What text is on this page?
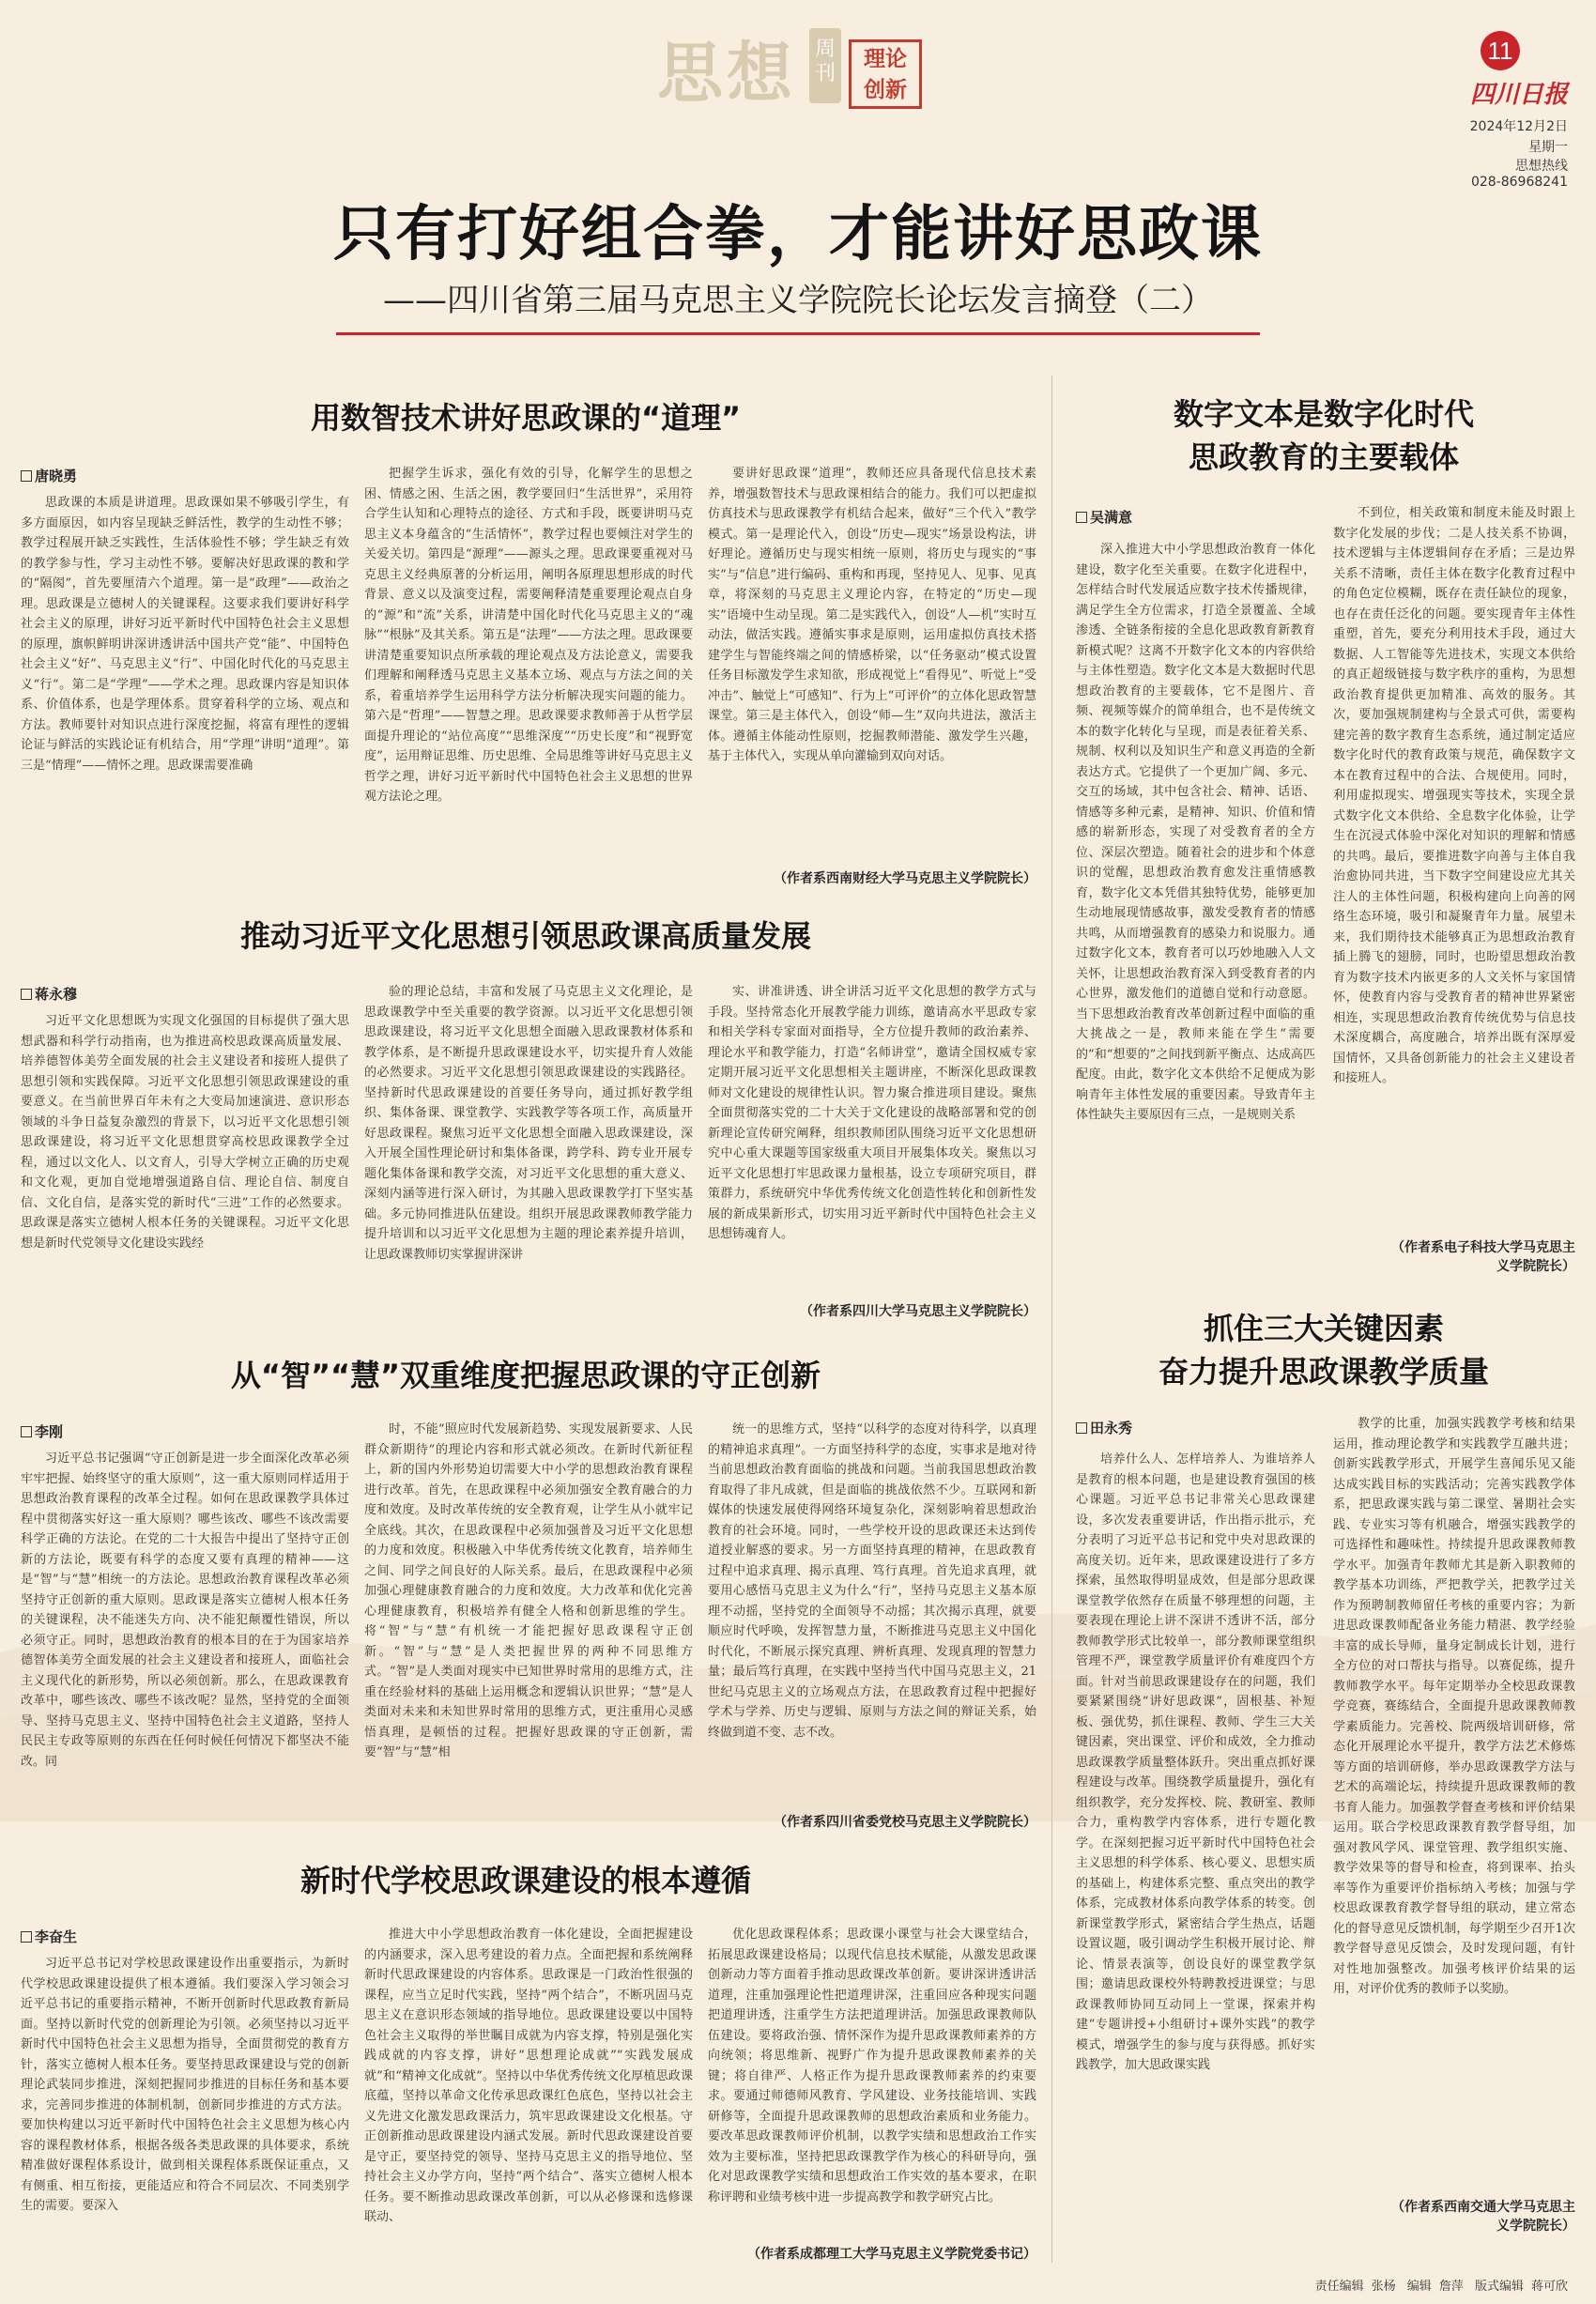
思想 周刊
理论
创新
11
四川日报
2024年12月2日
星期一
思想热线
028-86968241
只有打好组合拳，才能讲好思政课
——四川省第三届马克思主义学院院长论坛发言摘登（二）
用数智技术讲好思政课的“道理”
唐晓勇

思政课的本质是讲道理。思政课如果不够吸引学生，有多方面原因，如内容呈现缺乏鲜活性，教学的生动性不够；教学过程展开缺乏实践性，生活体验性不够；学生缺乏有效的教学参与性，学习主动性不够。要解决好思政课的教和学的“隔阂”，首先要厘清六个道理。第一是“政理”——政治之理。思政课是立德树人的关键课程。这要求我们要讲好科学社会主义的原理，讲好习近平新时代中国特色社会主义思想的原理，旗帜鲜明讲深讲透讲活中国共产党“能”、中国特色社会主义“好”、马克思主义“行”、中国化时代化的马克思主义“行”。第二是“学理”——学术之理。思政课内容是知识体系、价值体系，也是学理体系。贯穿着科学的立场、观点和方法。教师要针对知识点进行深度挖掘，将富有理性的逻辑论证与鲜活的实践论证有机结合，用“学理”讲明“道理”。第三是“情理”——情怀之理。思政课需要准确

把握学生诉求，强化有效的引导，化解学生的思想之困、情感之困、生活之困，教学要回归“生活世界”，采用符合学生认知和心理特点的途径、方式和手段，既要讲明马克思主义本身蕴含的“生活情怀”，教学过程也要倾注对学生的关爱关切。第四是“源理”——源头之理。思政课要重视对马克思主义经典原著的分析运用，阐明各原理思想形成的时代背景、意义以及演变过程，需要阐释清楚重要理论观点自身的“源”和“流”关系，讲清楚中国化时代化马克思主义的“魂脉”“根脉”及其关系。第五是“法理”——方法之理。思政课要讲清楚重要知识点所承载的理论观点及方法论意义，需要我们理解和阐释透马克思主义基本立场、观点与方法之间的关系，着重培养学生运用科学方法分析解决现实问题的能力。第六是“哲理”——智慧之理。思政课要求教师善于从哲学层面提升理论的“站位高度”“思维深度”“历史长度”和“视野宽度”，运用辩证思维、历史思维、全局思维等讲好马克思主义哲学之理，讲好习近平新时代中国特色社会主义思想的世界观方法论之理。

要讲好思政课“道理”，教师还应具备现代信息技术素养，增强数智技术与思政课相结合的能力。我们可以把虚拟仿真技术与思政课教学有机结合起来，做好“三个代入”教学模式。第一是理论代入，创设“历史—现实”场景设构法，讲好理论。遵循历史与现实相统一原则，将历史与现实的“事实”与“信息”进行编码、重构和再现，坚持见人、见事、见真章，将深刻的马克思主义理论内容，在特定的“历史—现实”语境中生动呈现。第二是实践代入，创设“人—机”实时互动法，做活实践。遵循实事求是原则，运用虚拟仿真技术搭建学生与智能终端之间的情感桥梁，以“任务驱动”模式设置任务目标激发学生求知欲，形成视觉上“看得见”、听觉上“受冲击”、触觉上“可感知”、行为上“可评价”的立体化思政智慧课堂。第三是主体代入，创设“师—生”双向共进法，激活主体。遵循主体能动性原则，挖掘教师潜能、激发学生兴趣，基于主体代入，实现从单向灌输到双向对话。

（作者系西南财经大学马克思主义学院院长）
推动习近平文化思想引领思政课高质量发展
蒋永穆

习近平文化思想既为实现文化强国的目标提供了强大思想武器和科学行动指南，也为推进高校思政课高质量发展、培养德智体美劳全面发展的社会主义建设者和接班人提供了思想引领和实践保障。习近平文化思想引领思政课建设的重要意义。在当前世界百年未有之大变局加速演进、意识形态领域的斗争日益复杂激烈的背景下，以习近平文化思想引领思政课建设，将习近平文化思想贯穿高校思政课教学全过程，通过以文化人、以文育人，引导大学树立正确的历史观和文化观，更加自觉地增强道路自信、理论自信、制度自信、文化自信，是落实党的新时代“三进”工作的必然要求。思政课是落实立德树人根本任务的关键课程。习近平文化思想是新时代党领导文化建设实践经

验的理论总结，丰富和发展了马克思主义文化理论，是思政课教学中至关重要的教学资源。以习近平文化思想引领思政课建设，将习近平文化思想全面融入思政课教材体系和教学体系，是不断提升思政课建设水平，切实提升育人效能的必然要求。习近平文化思想引领思政课建设的实践路径。坚持新时代思政课建设的首要任务导向，通过抓好教学组织、集体备课、课堂教学、实践教学等各项工作，高质量开好思政课程。聚焦习近平文化思想全面融入思政课建设，深入开展全国性理论研讨和集体备课，跨学科、跨专业开展专题化集体备课和教学交流，对习近平文化思想的重大意义、深刻内涵等进行深入研讨，为其融入思政课教学打下坚实基础。多元协同推进队伍建设。组织开展思政课教师教学能力提升培训和以习近平文化思想为主题的理论素养提升培训，让思政课教师切实掌握讲深讲

实、讲准讲透、讲全讲活习近平文化思想的教学方式与手段。坚持常态化开展教学能力训练，邀请高水平思政专家和相关学科专家面对面指导，全方位提升教师的政治素养、理论水平和教学能力，打造“名师讲堂”，邀请全国权威专家定期开展习近平文化思想相关主题讲座，不断深化思政课教师对文化建设的规律性认识。智力聚合推进项目建设。聚焦全面贯彻落实党的二十大关于文化建设的战略部署和党的创新理论宣传研究阐释，组织教师团队围绕习近平文化思想研究中心重大课题等国家级重大项目开展集体攻关。聚焦以习近平文化思想打牢思政课力量根基，设立专项研究项目，群策群力，系统研究中华优秀传统文化创造性转化和创新性发展的新成果新形式，切实用习近平新时代中国特色社会主义思想铸魂育人。

（作者系四川大学马克思主义学院院长）
从“智”“慧”双重维度把握思政课的守正创新
李刚

习近平总书记强调“守正创新是进一步全面深化改革必须牢牢把握、始终坚守的重大原则”，这一重大原则同样适用于思想政治教育课程的改革全过程。如何在思政课教学具体过程中贯彻落实好这一重大原则？哪些该改、哪些不该改需要科学正确的方法论。在党的二十大报告中提出了坚持守正创新的方法论，既要有科学的态度又要有真理的精神——这是“智”与“慧”相统一的方法论。思想政治教育课程改革必须坚持守正创新的重大原则。思政课是落实立德树人根本任务的关键课程，决不能迷失方向、决不能犯颠覆性错误，所以必须守正。同时，思想政治教育的根本目的在于为国家培养德智体美劳全面发展的社会主义建设者和接班人，面临社会主义现代化的新形势，所以必须创新。那么，在思政课教育改革中，哪些该改、哪些不该改呢？显然，坚持党的全面领导、坚持马克思主义、坚持中国特色社会主义道路，坚持人民民主专政等原则的东西在任何时候任何情况下都坚决不能改。同

时，不能“照应时代发展新趋势、实现发展新要求、人民群众新期待”的理论内容和形式就必须改。在新时代新征程上，新的国内外形势迫切需要大中小学的思想政治教育课程进行改革。首先，在思政课程中必须加强安全教育融合的力度和效度。及时改革传统的安全教育观，让学生从小就牢记全底线。其次，在思政课程中必须加强普及习近平文化思想的力度和效度。积极融入中华优秀传统文化教育，培养师生之间、同学之间良好的人际关系。最后，在思政课程中必须加强心理健康教育融合的力度和效度。大力改革和优化完善心理健康教育，积极培养有健全人格和创新思维的学生。将“智”与“慧”有机统一才能把握好思政课程守正创新。“智”与“慧”是人类把握世界的两种不同思维方式。“智”是人类面对现实中已知世界时常用的思维方式，注重在经验材料的基础上运用概念和逻辑认识世界；“慧”是人类面对未来和未知世界时常用的思维方式，更注重用心灵感悟真理，是顿悟的过程。把握好思政课的守正创新，需要“智”与“慧”相

统一的思维方式，坚持“以科学的态度对待科学，以真理的精神追求真理”。一方面坚持科学的态度，实事求是地对待当前思想政治教育面临的挑战和问题。当前我国思想政治教育取得了非凡成就，但是面临的挑战依然不少。互联网和新媒体的快速发展使得网络环境复杂化，深刻影响着思想政治教育的社会环境。同时，一些学校开设的思政课还未达到传道授业解惑的要求。另一方面坚持真理的精神，在思政教育过程中追求真理、揭示真理、笃行真理。首先追求真理，就要用心感悟马克思主义为什么“行”，坚持马克思主义基本原理不动摇，坚持党的全面领导不动摇；其次揭示真理，就要顺应时代呼唤，发挥智慧力量，不断推进马克思主义中国化时代化，不断展示探究真理、辨析真理、发现真理的智慧力量；最后笃行真理，在实践中坚持当代中国马克思主义，21世纪马克思主义的立场观点方法，在思政教育过程中把握好学术与学养、历史与逻辑、原则与方法之间的辩证关系，始终做到道不变、志不改。

（作者系四川省委党校马克思主义学院院长）
新时代学校思政课建设的根本遵循
李奋生

习近平总书记对学校思政课建设作出重要指示，为新时代学校思政课建设提供了根本遵循。我们要深入学习领会习近平总书记的重要指示精神，不断开创新时代思政教育新局面。坚持以新时代党的创新理论为引领。必须坚持以习近平新时代中国特色社会主义思想为指导，全面贯彻党的教育方针，落实立德树人根本任务。要坚持思政课建设与党的创新理论武装同步推进，深刻把握同步推进的目标任务和基本要求，完善同步推进的体制机制，创新同步推进的方式方法。要加快构建以习近平新时代中国特色社会主义思想为核心内容的课程教材体系，根据各级各类思政课的具体要求，系统精准做好课程体系设计，做到相关课程体系既保证重点，又有侧重、相互衔接，更能适应和符合不同层次、不同类别学生的需要。要深入

推进大中小学思想政治教育一体化建设，全面把握建设的内涵要求，深入思考建设的着力点。全面把握和系统阐释新时代思政课建设的内容体系。思政课是一门政治性很强的课程，应当立足时代实践，坚持“两个结合”，不断巩固马克思主义在意识形态领域的指导地位。思政课建设要以中国特色社会主义取得的举世瞩目成就为内容支撑，特别是强化实践成就的内容支撑，讲好“思想理论成就”“实践发展成就”和“精神文化成就”。坚持以中华优秀传统文化厚植思政课底蕴，坚持以革命文化传承思政课红色底色，坚持以社会主义先进文化激发思政课活力，筑牢思政课建设文化根基。守正创新推动思政课建设内涵式发展。新时代思政课建设首要是守正，要坚持党的领导、坚持马克思主义的指导地位、坚持社会主义办学方向，坚持“两个结合”、落实立德树人根本任务。要不断推动思政课改革创新，可以从必修课和选修课联动、

优化思政课程体系；思政课小课堂与社会大课堂结合，拓展思政课建设格局；以现代信息技术赋能，从激发思政课创新动力等方面着手推动思政课改革创新。要讲深讲透讲活道理，注重加强理论性把道理讲深，注重回应各种现实问题把道理讲透，注重学生方法把道理讲活。加强思政课教师队伍建设。要将政治强、情怀深作为提升思政课教师素养的方向统领；将思维新、视野广作为提升思政课教师素养的关键；将自律严、人格正作为提升思政课教师素养的约束要求。要通过师德师风教育、学风建设、业务技能培训、实践研修等，全面提升思政课教师的思想政治素质和业务能力。要改革思政课教师评价机制，以教学实绩和思想政治工作实效为主要标准，坚持把思政课教学作为核心的科研导向，强化对思政课教学实绩和思想政治工作实效的基本要求，在职称评聘和业绩考核中进一步提高教学和教学研究占比。

（作者系成都理工大学马克思主义学院党委书记）
数字文本是数字化时代
思政教育的主要载体
吴满意

深入推进大中小学思想政治教育一体化建设，数字化至关重要。在数字化进程中，怎样结合时代发展适应数字技术传播规律，满足学生全方位需求，打造全景覆盖、全域渗透、全链条衔接的全息化思政教育新教育新模式呢？这离不开数字化文本的内容供给与主体性塑造。数字化文本是大数据时代思想政治教育的主要载体，它不是图片、音频、视频等媒介的简单组合，也不是传统文本的数字化转化与呈现，而是表征着关系、规制、权利以及知识生产和意义再造的全新表达方式。它提供了一个更加广阔、多元、交互的场域，其中包含社会、精神、话语、情感等多种元素，是精神、知识、价值和情感的崭新形态，实现了对受教育者的全方位、深层次塑造。随着社会的进步和个体意识的觉醒，思想政治教育愈发注重情感教育，数字化文本凭借其独特优势，能够更加生动地展现情感故事，激发受教育者的情感共鸣，从而增强教育的感染力和说服力。通过数字化文本，教育者可以巧妙地融入人文关怀，让思想政治教育深入到受教育者的内心世界，激发他们的道德自觉和行动意愿。当下思想政治教育改革创新过程中面临的重大挑战之一是，教师来能在学生“需要的”和“想要的”之间找到新平衡点、达成高匹配度。由此，数字化文本供给不足便成为影响青年主体性发展的重要因素。导致青年主体性缺失主要原因有三点，一是规则关系

不到位，相关政策和制度未能及时跟上数字化发展的步伐；二是人技关系不协调，技术逻辑与主体逻辑间存在矛盾；三是边界关系不清晰，责任主体在数字化教育过程中的角色定位模糊，既存在责任缺位的现象，也存在责任泛化的问题。要实现青年主体性重塑，首先，要充分利用技术手段，通过大数据、人工智能等先进技术，实现文本供给的真正超级链接与数字秩序的重构，为思想政治教育提供更加精准、高效的服务。其次，要加强规制建构与全景式可供，需要构建完善的数字教育生态系统，通过制定适应数字化时代的教育政策与规范，确保数字文本在教育过程中的合法、合规使用。同时，利用虚拟现实、增强现实等技术，实现全景式数字化文本供给、全息数字化体验，让学生在沉浸式体验中深化对知识的理解和情感的共鸣。最后，要推进数字向善与主体自我治愈协同共进，当下数字空间建设应尤其关注人的主体性问题，积极构建向上向善的网络生态环境，吸引和凝聚青年力量。展望未来，我们期待技术能够真正为思想政治教育插上腾飞的翅膀，同时，也盼望思想政治教育为数字技术内嵌更多的人文关怀与家国情怀，使教育内容与受教育者的精神世界紧密相连，实现思想政治教育传统优势与信息技术深度耦合，高度融合，培养出既有深厚爱国情怀，又具备创新能力的社会主义建设者和接班人。

（作者系电子科技大学马克思主
义学院院长）
抓住三大关键因素
奋力提升思政课教学质量
田永秀

培养什么人、怎样培养人、为谁培养人是教育的根本问题，也是建设教育强国的核心课题。习近平总书记非常关心思政课建设，多次发表重要讲话，作出指示批示，充分表明了习近平总书记和党中央对思政课的高度关切。近年来，思政课建设进行了多方探索，虽然取得明显成效，但是部分思政课课堂教学依然存在质量不够理想的问题，主要表现在理论上讲不深讲不透讲不活，部分教师教学形式比较单一，部分教师课堂组织管理不严，课堂教学质量评价有难度四个方面。针对当前思政课建设存在的问题，我们要紧紧围绕“讲好思政课”，固根基、补短板、强优势，抓住课程、教师、学生三大关键因素，突出课堂、评价和成效，全力推动思政课教学质量整体跃升。突出重点抓好课程建设与改革。围绕教学质量提升，强化有组织教学，充分发挥校、院、教研室、教师合力，重构教学内容体系，进行专题化教学。在深刻把握习近平新时代中国特色社会主义思想的科学体系、核心要义、思想实质的基础上，构建体系完整、重点突出的教学体系，完成教材体系向教学体系的转变。创新课堂教学形式，紧密结合学生热点，话题设置议题，吸引调动学生积极开展讨论、辩论、情景表演等，创设良好的课堂教学氛围；邀请思政课校外特聘教授进课堂；与思政课教师协同互动同上一堂课，探索并构建“专题讲授+小组研讨+课外实践”的教学模式，增强学生的参与度与获得感。抓好实践教学，加大思政课实践

教学的比重，加强实践教学考核和结果运用，推动理论教学和实践教学互融共进；创新实践教学形式，开展学生喜闻乐见又能达成实践目标的实践活动；完善实践教学体系，把思政课实践与第二课堂、暑期社会实践、专业实习等有机融合，增强实践教学的可选择性和趣味性。持续提升思政课教师教学水平。加强青年教师尤其是新入职教师的教学基本功训练，严把教学关，把教学过关作为预聘制教师留任考核的重要内容；为新进思政课教师配备业务能力精湛、教学经验丰富的成长导师，量身定制成长计划，进行全方位的对口帮扶与指导。以赛促练，提升教师教学水平。每年定期举办全校思政课教学竞赛，赛练结合，全面提升思政课教师教学素质能力。完善校、院两级培训研修，常态化开展理论水平提升，教学方法艺术修炼等方面的培训研修，举办思政课教学方法与艺术的高端论坛，持续提升思政课教师的教书育人能力。加强教学督查考核和评价结果运用。联合学校思政课教育教学督导组，加强对教风学风、课堂管理、教学组织实施、教学效果等的督导和检查，将到课率、抬头率等作为重要评价指标纳入考核；加强与学校思政课教育教学督导组的联动，建立常态化的督导意见反馈机制，每学期至少召开1次教学督导意见反馈会，及时发现问题，有针对性地加强整改。加强考核评价结果的运用，对评价优秀的教师予以奖励。

（作者系西南交通大学马克思主
义学院院长）
责任编辑 张杨 编辑 詹萍 版式编辑 蒋可欣
